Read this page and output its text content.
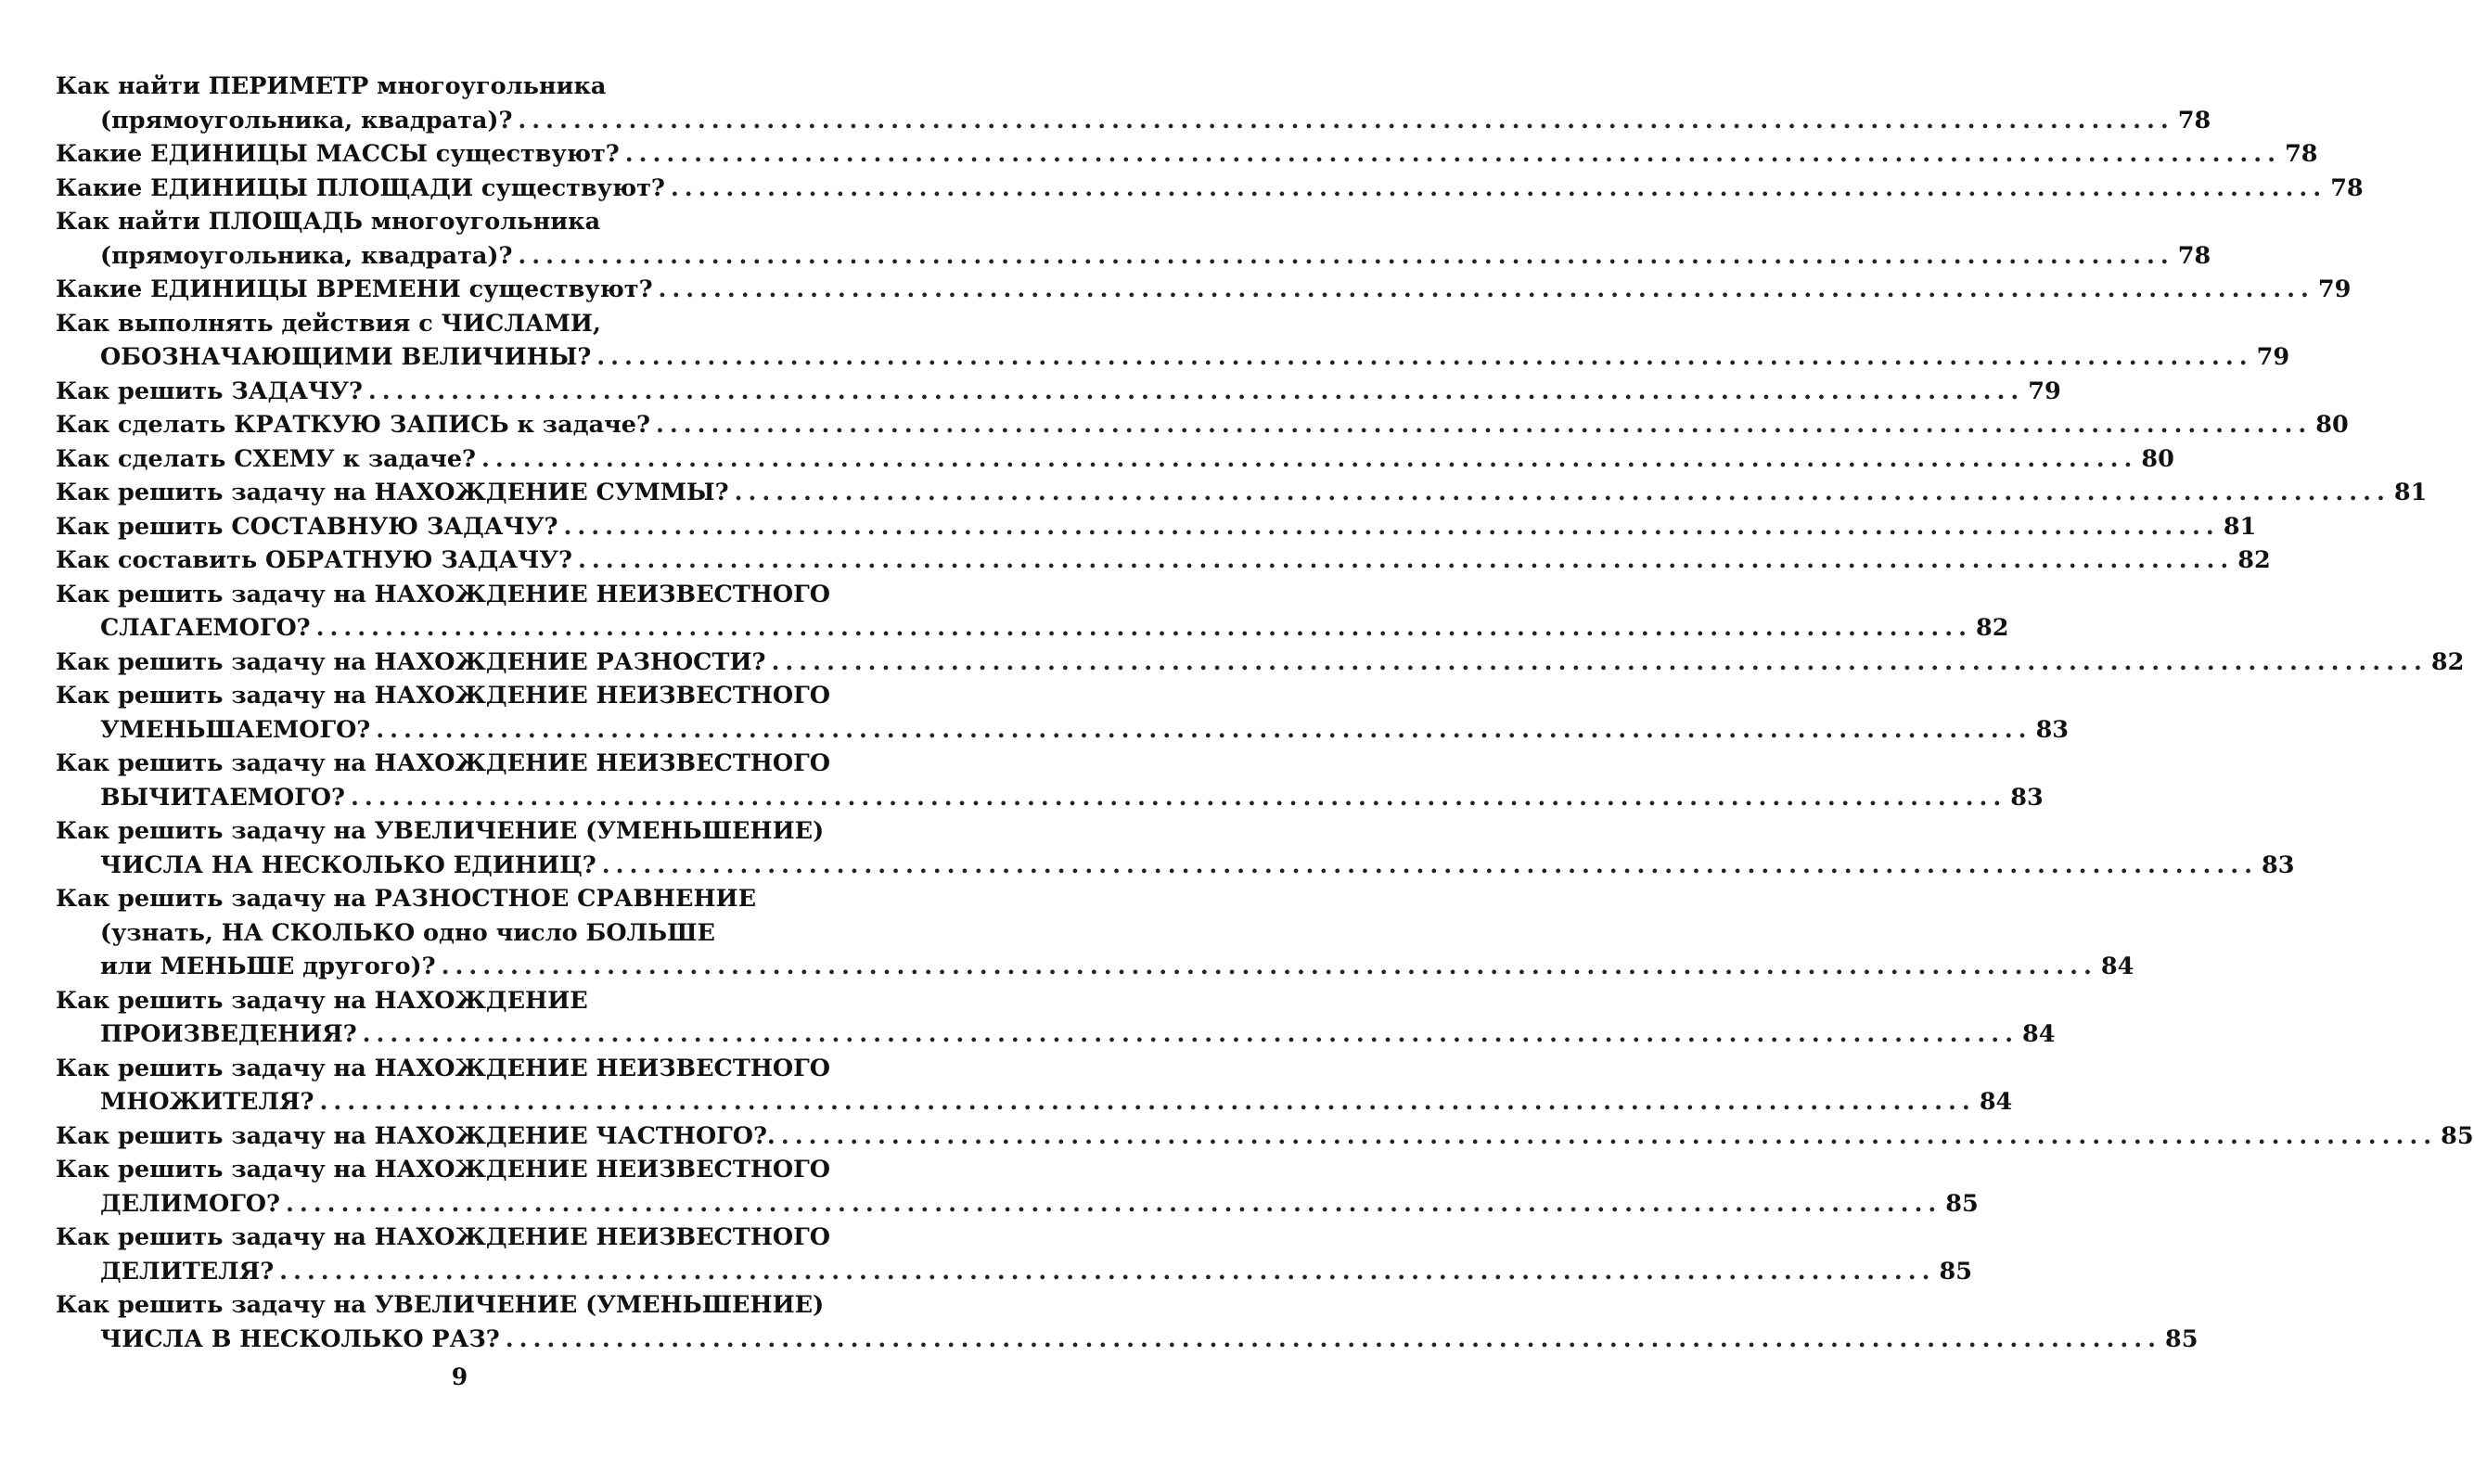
Как найти ПЕРИМЕТР многоугольника
(прямоугольника, квадрата)? ........................................................................................................................ 78
Какие ЕДИНИЦЫ МАССЫ существуют? ........................................................................................................................ 78
Какие ЕДИНИЦЫ ПЛОЩАДИ существуют? ........................................................................................................................ 78
Как найти ПЛОЩАДЬ многоугольника
(прямоугольника, квадрата)? ........................................................................................................................ 78
Какие ЕДИНИЦЫ ВРЕМЕНИ существуют? ........................................................................................................................ 79
Как выполнять действия с ЧИСЛАМИ,
ОБОЗНАЧАЮЩИМИ ВЕЛИЧИНЫ? ........................................................................................................................ 79
Как решить ЗАДАЧУ? ........................................................................................................................ 79
Как сделать КРАТКУЮ ЗАПИСЬ к задаче? ........................................................................................................................ 80
Как сделать СХЕМУ к задаче? ........................................................................................................................ 80
Как решить задачу на НАХОЖДЕНИЕ СУММЫ? ........................................................................................................................ 81
Как решить СОСТАВНУЮ ЗАДАЧУ? ........................................................................................................................ 81
Как составить ОБРАТНУЮ ЗАДАЧУ? ........................................................................................................................ 82
Как решить задачу на НАХОЖДЕНИЕ НЕИЗВЕСТНОГО
СЛАГАЕМОГО? ........................................................................................................................ 82
Как решить задачу на НАХОЖДЕНИЕ РАЗНОСТИ? ........................................................................................................................ 82
Как решить задачу на НАХОЖДЕНИЕ НЕИЗВЕСТНОГО
УМЕНЬШАЕМОГО? ........................................................................................................................ 83
Как решить задачу на НАХОЖДЕНИЕ НЕИЗВЕСТНОГО
ВЫЧИТАЕМОГО? ........................................................................................................................ 83
Как решить задачу на УВЕЛИЧЕНИЕ (УМЕНЬШЕНИЕ)
ЧИСЛА НА НЕСКОЛЬКО ЕДИНИЦ? ........................................................................................................................ 83
Как решить задачу на РАЗНОСТНОЕ СРАВНЕНИЕ
(узнать, НА СКОЛЬКО одно число БОЛЬШЕ
или МЕНЬШЕ другого)? ........................................................................................................................ 84
Как решить задачу на НАХОЖДЕНИЕ
ПРОИЗВЕДЕНИЯ? ........................................................................................................................ 84
Как решить задачу на НАХОЖДЕНИЕ НЕИЗВЕСТНОГО
МНОЖИТЕЛЯ? ........................................................................................................................ 84
Как решить задачу на НАХОЖДЕНИЕ ЧАСТНОГО?. ........................................................................................................................ 85
Как решить задачу на НАХОЖДЕНИЕ НЕИЗВЕСТНОГО
ДЕЛИМОГО? ........................................................................................................................ 85
Как решить задачу на НАХОЖДЕНИЕ НЕИЗВЕСТНОГО
ДЕЛИТЕЛЯ? ........................................................................................................................ 85
Как решить задачу на УВЕЛИЧЕНИЕ (УМЕНЬШЕНИЕ)
ЧИСЛА В НЕСКОЛЬКО РАЗ? ........................................................................................................................ 85
9
